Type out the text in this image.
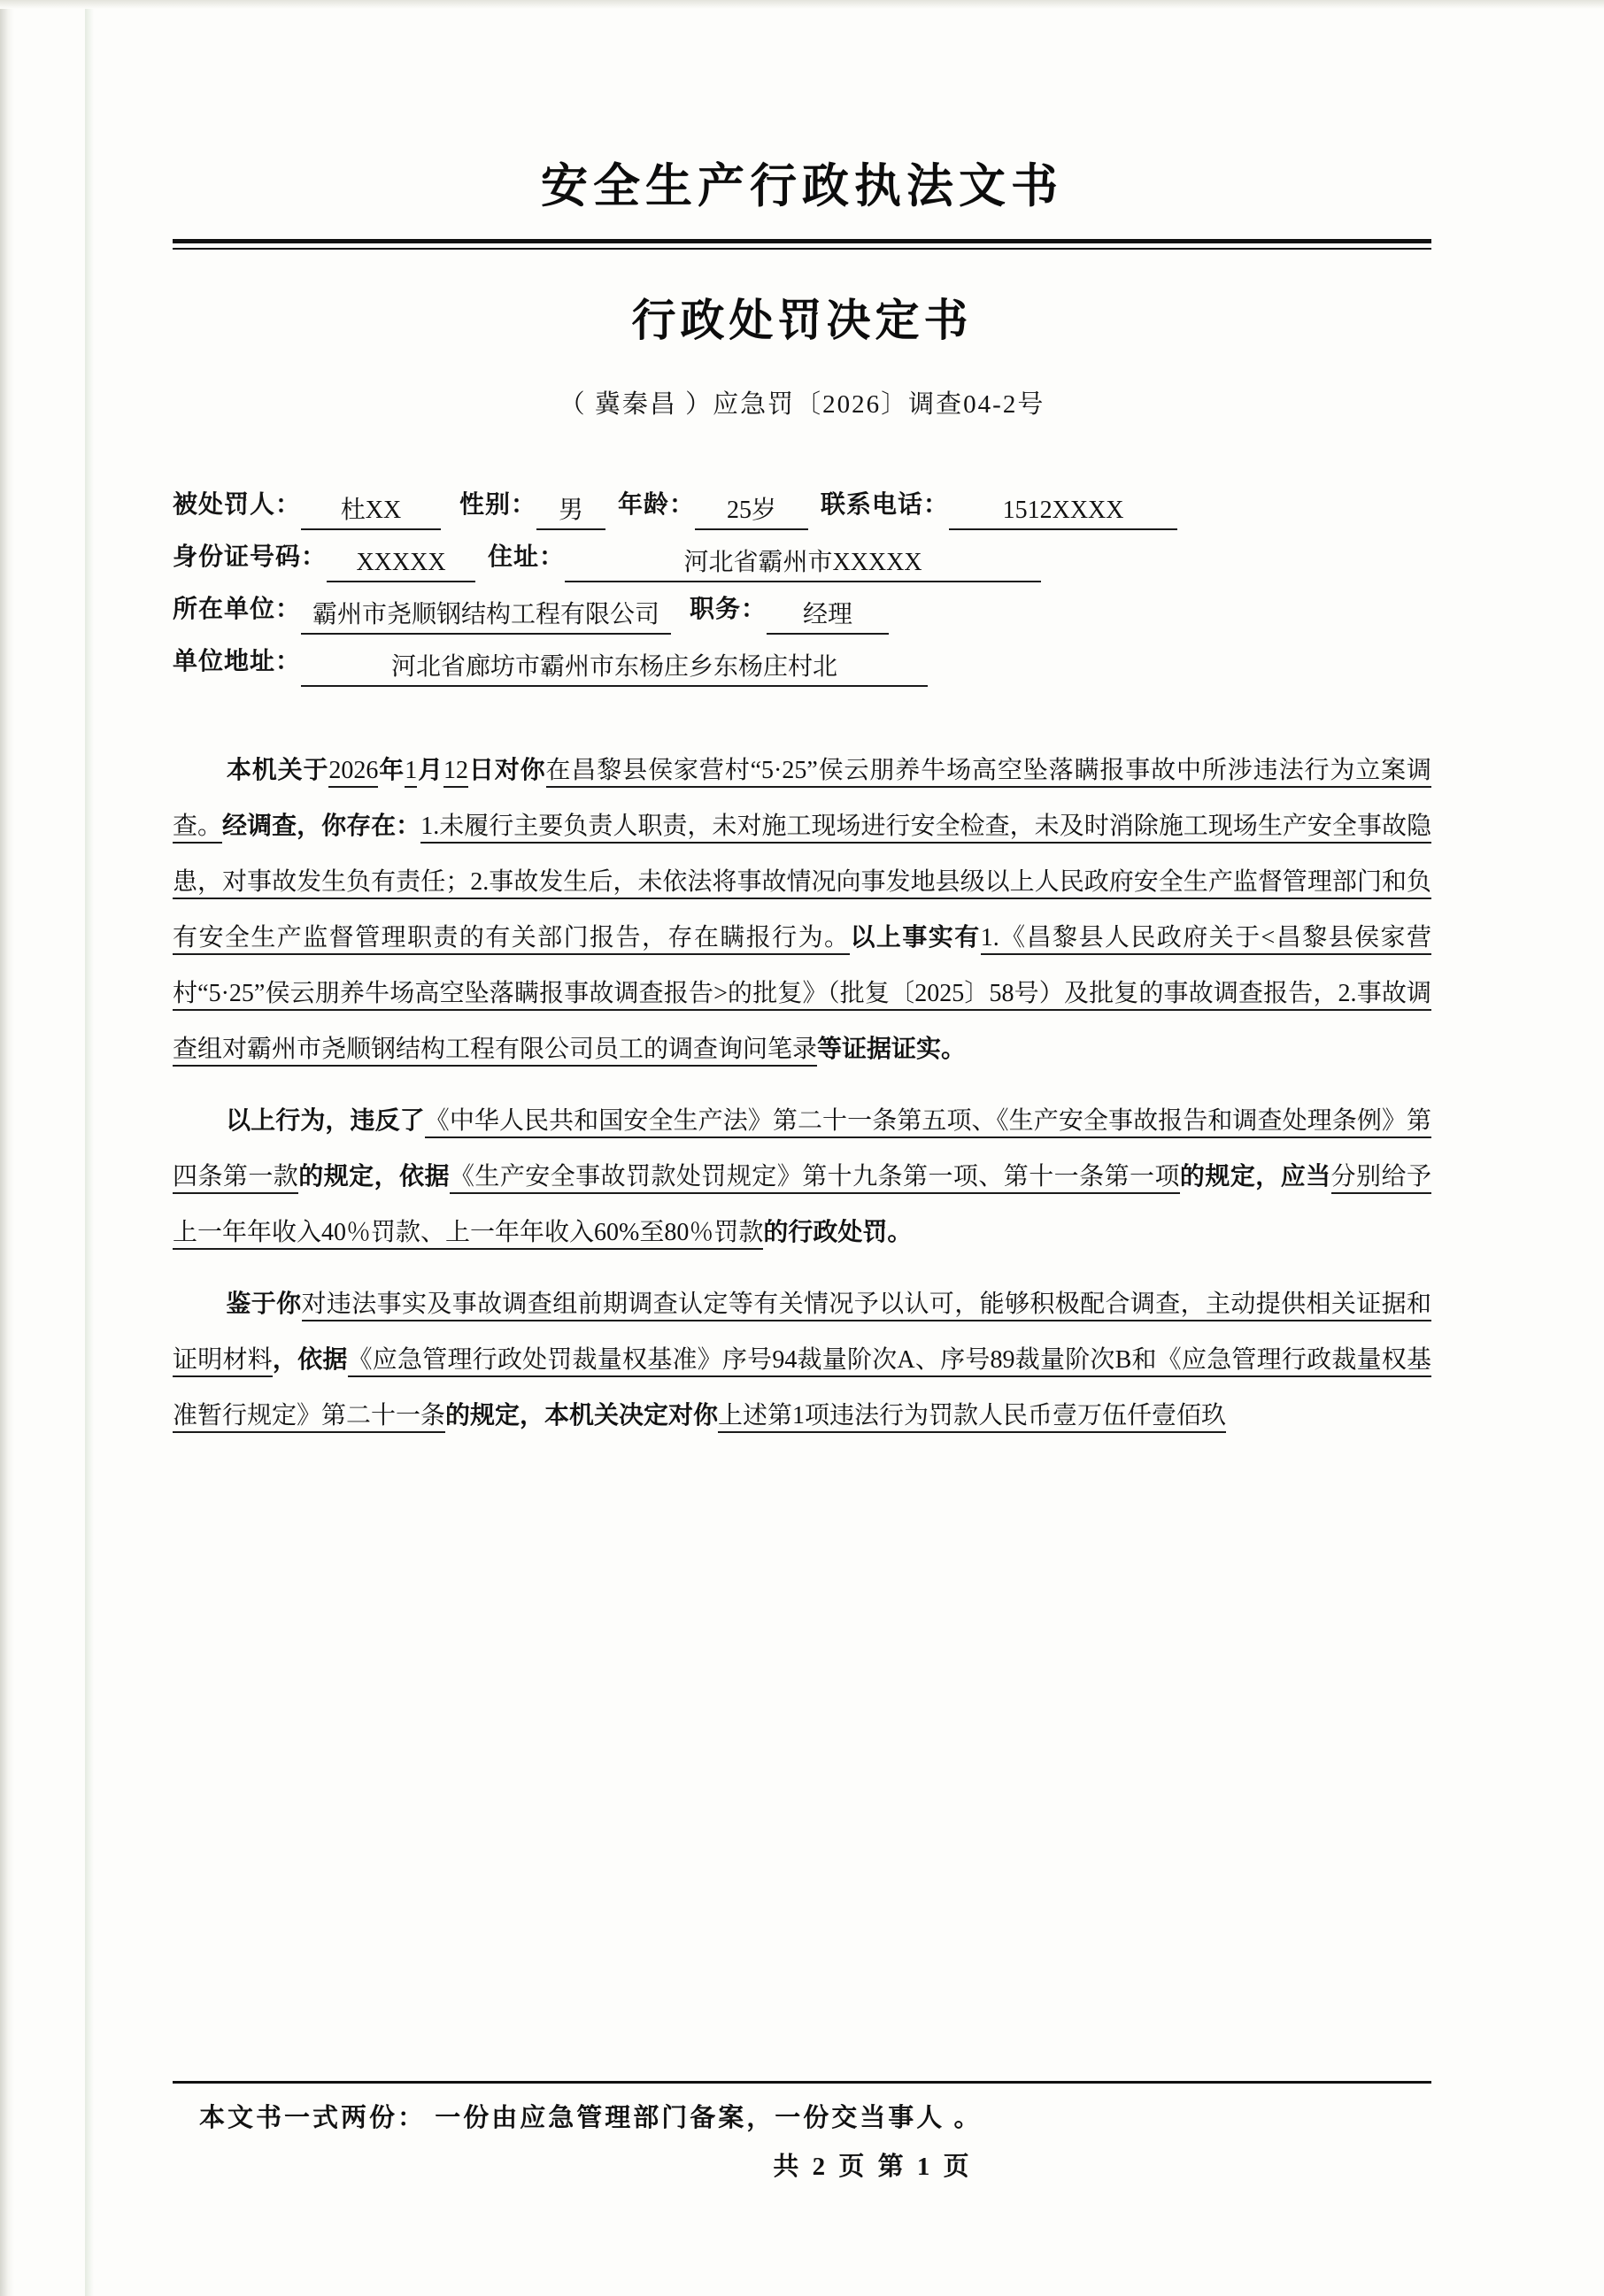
安全生产行政执法文书
行政处罚决定书
（ 冀秦昌 ）应急罚〔2026〕调查04-2号
被处罚人： 杜XX 性别： 男 年龄： 25岁 联系电话： 1512XXXX
身份证号码： XXXXX 住址：	河北省霸州市XXXXX
所在单位： 霸州市尧顺钢结构工程有限公司 职务： 经理
单位地址：	河北省廊坊市霸州市东杨庄乡东杨庄村北
本机关于2026年1月12日对你在昌黎县侯家营村“5·25”侯云朋养牛场高空坠落瞒报事故中所涉违法行为立案调查。经调查，你存在：1.未履行主要负责人职责，未对施工现场进行安全检查，未及时消除施工现场生产安全事故隐患，对事故发生负有责任；2.事故发生后，未依法将事故情况向事发地县级以上人民政府安全生产监督管理部门和负有安全生产监督管理职责的有关部门报告，存在瞒报行为。以上事实有1.《昌黎县人民政府关于<昌黎县侯家营村“5·25”侯云朋养牛场高空坠落瞒报事故调查报告>的批复》（批复〔2025〕58号）及批复的事故调查报告，2.事故调查组对霸州市尧顺钢结构工程有限公司员工的调查询问笔录等证据证实。
以上行为，违反了《中华人民共和国安全生产法》第二十一条第五项、《生产安全事故报告和调查处理条例》第四条第一款的规定，依据《生产安全事故罚款处罚规定》第十九条第一项、第十一条第一项的规定，应当分别给予上一年年收入40％罚款、上一年年收入60%至80％罚款的行政处罚。
鉴于你对违法事实及事故调查组前期调查认定等有关情况予以认可，能够积极配合调查，主动提供相关证据和证明材料，依据《应急管理行政处罚裁量权基准》序号94裁量阶次A、序号89裁量阶次B和《应急管理行政裁量权基准暂行规定》第二十一条的规定，本机关决定对你上述第1项违法行为罚款人民币壹万伍仟壹佰玖
本文书一式两份： 一份由应急管理部门备案，一份交当事人 。
共 2 页 第 1 页
